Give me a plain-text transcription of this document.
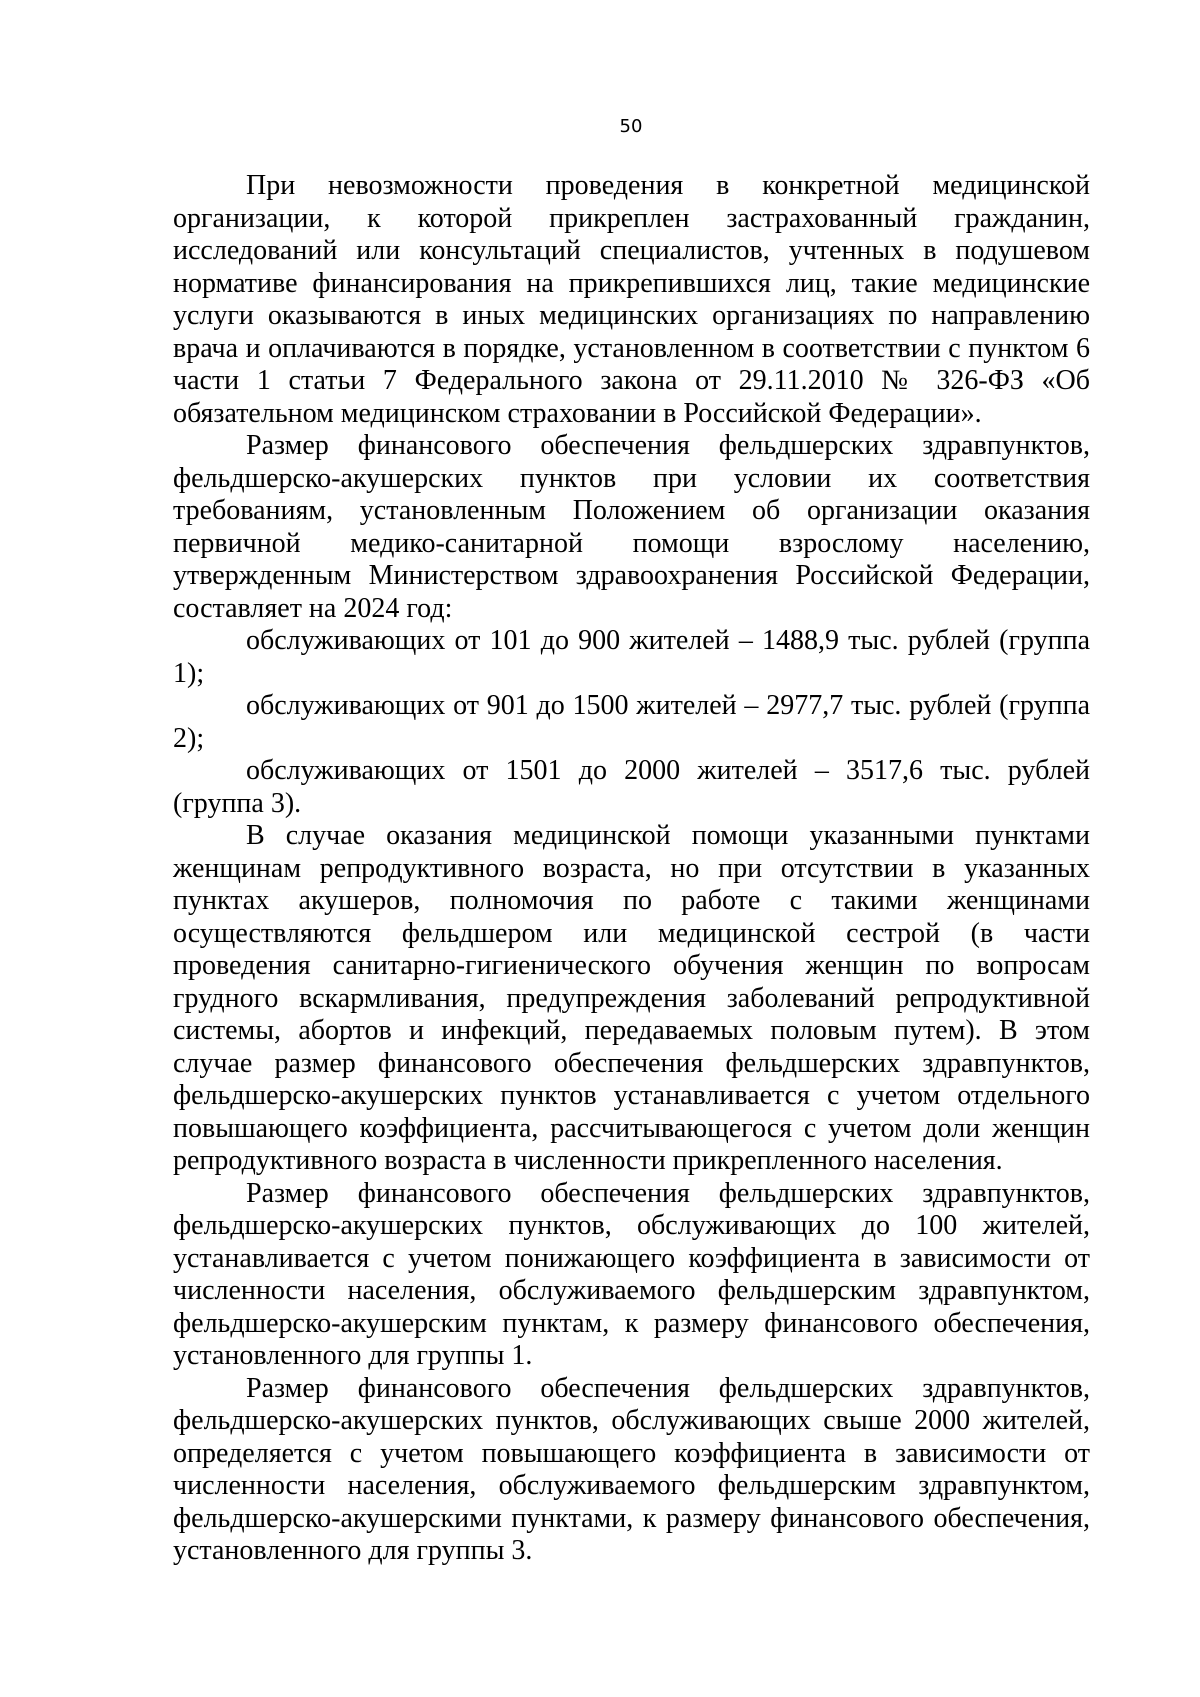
50

При невозможности проведения в конкретной медицинской организации, к которой прикреплен застрахованный гражданин, исследований или консультаций специалистов, учтенных в подушевом нормативе финансирования на прикрепившихся лиц, такие медицинские услуги оказываются в иных медицинских организациях по направлению врача и оплачиваются в порядке, установленном в соответствии с пунктом 6 части 1 статьи 7 Федерального закона от 29.11.2010 № 326-ФЗ «Об обязательном медицинском страховании в Российской Федерации».

Размер финансового обеспечения фельдшерских здравпунктов, фельдшерско-акушерских пунктов при условии их соответствия требованиям, установленным Положением об организации оказания первичной медико-санитарной помощи взрослому населению, утвержденным Министерством здравоохранения Российской Федерации, составляет на 2024 год:

обслуживающих от 101 до 900 жителей – 1488,9 тыс. рублей (группа 1);

обслуживающих от 901 до 1500 жителей – 2977,7 тыс. рублей (группа 2);

обслуживающих от 1501 до 2000 жителей – 3517,6 тыс. рублей (группа 3).

В случае оказания медицинской помощи указанными пунктами женщинам репродуктивного возраста, но при отсутствии в указанных пунктах акушеров, полномочия по работе с такими женщинами осуществляются фельдшером или медицинской сестрой (в части проведения санитарно-гигиенического обучения женщин по вопросам грудного вскармливания, предупреждения заболеваний репродуктивной системы, абортов и инфекций, передаваемых половым путем). В этом случае размер финансового обеспечения фельдшерских здравпунктов, фельдшерско-акушерских пунктов устанавливается с учетом отдельного повышающего коэффициента, рассчитывающегося с учетом доли женщин репродуктивного возраста в численности прикрепленного населения.

Размер финансового обеспечения фельдшерских здравпунктов, фельдшерско-акушерских пунктов, обслуживающих до 100 жителей, устанавливается с учетом понижающего коэффициента в зависимости от численности населения, обслуживаемого фельдшерским здравпунктом, фельдшерско-акушерским пунктам, к размеру финансового обеспечения, установленного для группы 1.

Размер финансового обеспечения фельдшерских здравпунктов, фельдшерско-акушерских пунктов, обслуживающих свыше 2000 жителей, определяется с учетом повышающего коэффициента в зависимости от численности населения, обслуживаемого фельдшерским здравпунктом, фельдшерско-акушерскими пунктами, к размеру финансового обеспечения, установленного для группы 3.
